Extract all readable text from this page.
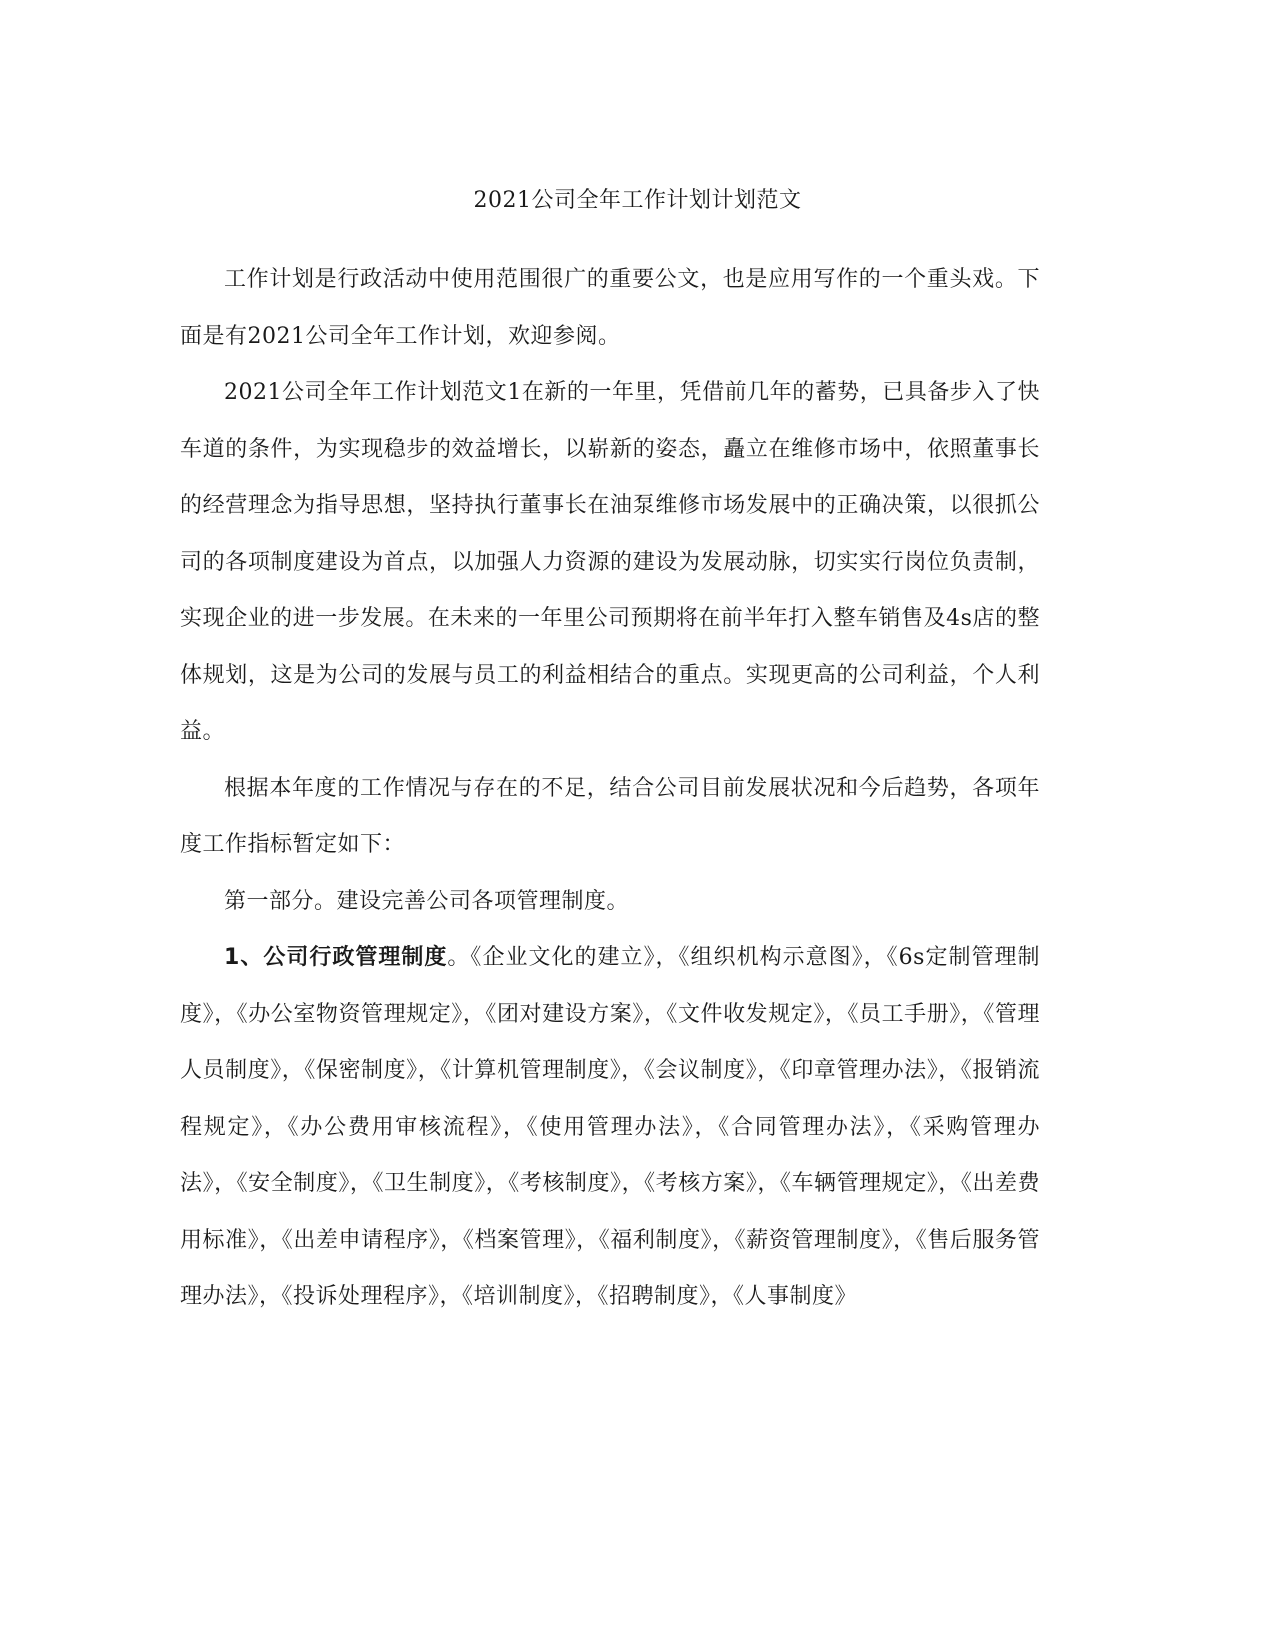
2021公司全年工作计划计划范文

工作计划是行政活动中使用范围很广的重要公文，也是应用写作的一个重头戏。下面是有2021公司全年工作计划，欢迎参阅。

2021公司全年工作计划范文1在新的一年里，凭借前几年的蓄势，已具备步入了快车道的条件，为实现稳步的效益增长，以崭新的姿态，矗立在维修市场中，依照董事长的经营理念为指导思想，坚持执行董事长在油泵维修市场发展中的正确决策，以很抓公司的各项制度建设为首点，以加强人力资源的建设为发展动脉，切实实行岗位负责制，实现企业的进一步发展。在未来的一年里公司预期将在前半年打入整车销售及4s店的整体规划，这是为公司的发展与员工的利益相结合的重点。实现更高的公司利益，个人利益。

根据本年度的工作情况与存在的不足，结合公司目前发展状况和今后趋势，各项年度工作指标暂定如下：

第一部分。建设完善公司各项管理制度。

1、公司行政管理制度。《企业文化的建立》，《组织机构示意图》，《6s定制管理制度》，《办公室物资管理规定》，《团对建设方案》，《文件收发规定》，《员工手册》，《管理人员制度》，《保密制度》，《计算机管理制度》，《会议制度》，《印章管理办法》，《报销流程规定》，《办公费用审核流程》，《使用管理办法》，《合同管理办法》，《采购管理办法》，《安全制度》，《卫生制度》，《考核制度》，《考核方案》，《车辆管理规定》，《出差费用标准》，《出差申请程序》，《档案管理》，《福利制度》，《薪资管理制度》，《售后服务管理办法》，《投诉处理程序》，《培训制度》，《招聘制度》，《人事制度》
